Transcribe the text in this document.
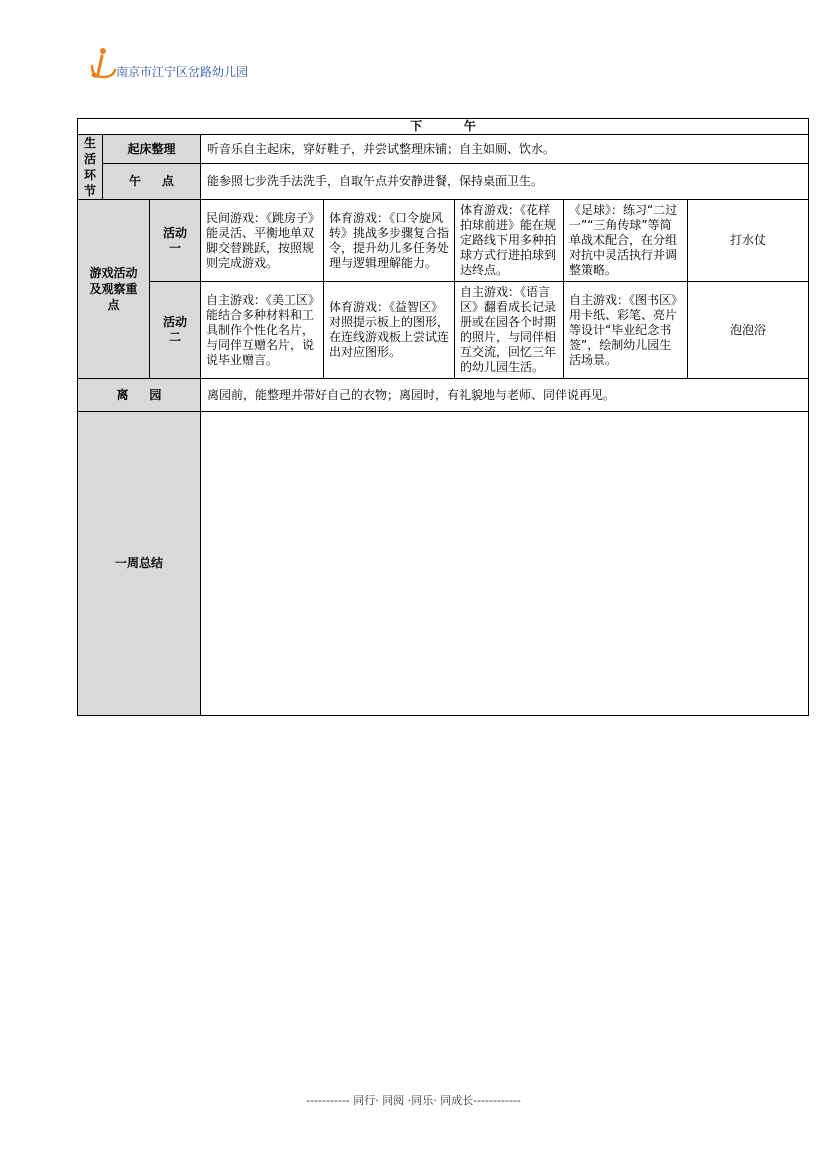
南京市江宁区岔路幼儿园
下          午							
生活环节	起床整理		听音乐自主起床，穿好鞋子，并尝试整理床铺；自主如厕、饮水。				
	午     点		能参照七步洗手法洗手，自取午点并安静进餐，保持桌面卫生。				
游戏活动及观察重点		活动一	民间游戏：《跳房子》能灵活、平衡地单双脚交替跳跃，按照规则完成游戏。	体育游戏：《口令旋风转》挑战多步骤复合指令，提升幼儿多任务处理与逻辑理解能力。	体育游戏：《花样拍球前进》能在规定路线下用多种拍球方式行进拍球到达终点。	《足球》：练习“二过一”“三角传球”等简单战术配合，在分组对抗中灵活执行并调整策略。	打水仗
		活动二	自主游戏：《美工区》能结合多种材料和工具制作个性化名片，与同伴互赠名片，说说毕业赠言。	体育游戏：《益智区》对照提示板上的图形，在连线游戏板上尝试连出对应图形。	自主游戏：《语言区》翻看成长记录册或在园各个时期的照片，与同伴相互交流，回忆三年的幼儿园生活。	自主游戏：《图书区》用卡纸、彩笔、亮片等设计“毕业纪念书签”，绘制幼儿园生活场景。	泡泡浴
离     园			离园前，能整理并带好自己的衣物；离园时，有礼貌地与老师、同伴说再见。				
一周总结							
----------- 同行· 同阅 ·同乐· 同成长------------
